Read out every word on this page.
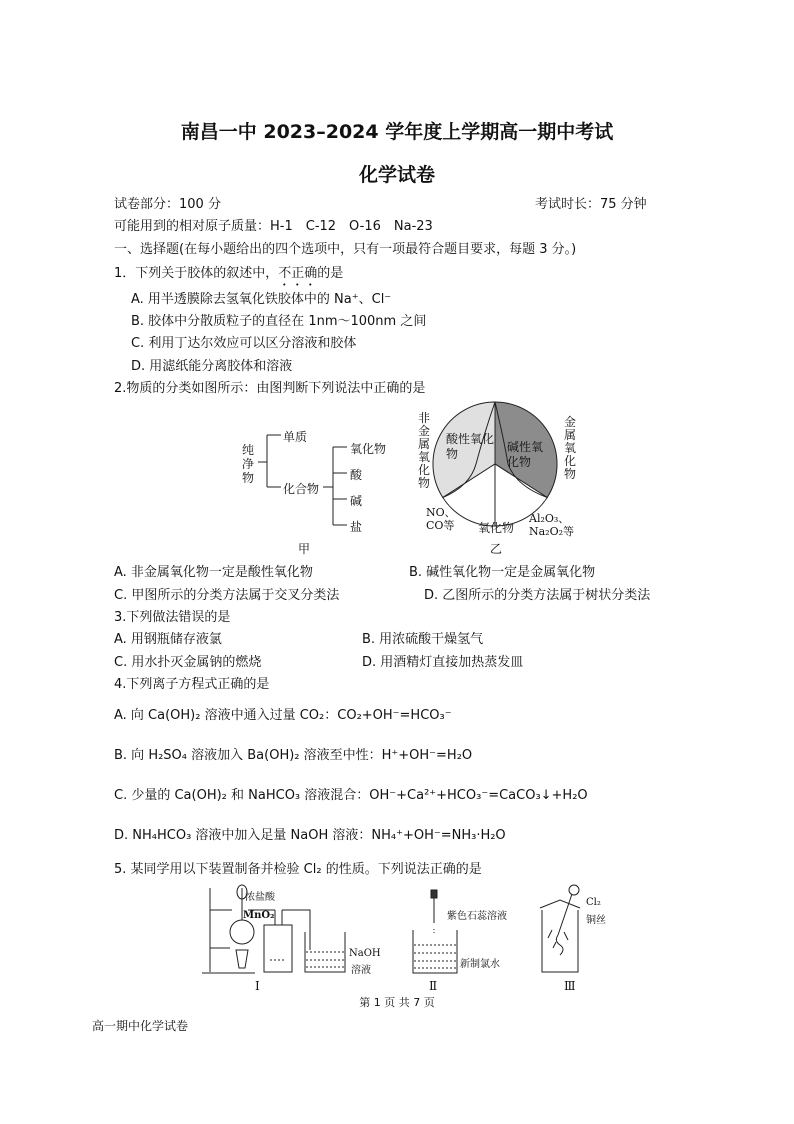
南昌一中 2023–2024 学年度上学期高一期中考试
化学试卷
试卷部分：100 分	考试时长：75 分钟
可能用到的相对原子质量：H-1　C-12　O-16　Na-23
一、选择题(在每小题给出的四个选项中，只有一项最符合题目要求，每题 3 分。)
1．下列关于胶体的叙述中，不正确的是
A. 用半透膜除去氢氧化铁胶体中的 Na⁺、Cl⁻
B. 胶体中分散质粒子的直径在 1nm～100nm 之间
C. 利用丁达尔效应可以区分溶液和胶体
D. 用滤纸能分离胶体和溶液
2.物质的分类如图所示：由图判断下列说法中正确的是
纯净物
单质
化合物
氧化物
酸
碱
盐
甲
非金属氧化物
金属氧化物
酸性氧化物	碱性氧化物
NO、
CO等
Al₂O₃、
Na₂O₂等
氧化物
乙
A. 非金属氧化物一定是酸性氧化物	B. 碱性氧化物一定是金属氧化物
C. 甲图所示的分类方法属于交叉分类法	D. 乙图所示的分类方法属于树状分类法
3.下列做法错误的是
A. 用钢瓶储存液氯	B. 用浓硫酸干燥氢气
C. 用水扑灭金属钠的燃烧	D. 用酒精灯直接加热蒸发皿
4.下列离子方程式正确的是
A. 向 Ca(OH)₂ 溶液中通入过量 CO₂：CO₂+OH⁻=HCO₃⁻
B. 向 H₂SO₄ 溶液加入 Ba(OH)₂ 溶液至中性：H⁺+OH⁻=H₂O
C. 少量的 Ca(OH)₂ 和 NaHCO₃ 溶液混合：OH⁻+Ca²⁺+HCO₃⁻=CaCO₃↓+H₂O
D. NH₄HCO₃ 溶液中加入足量 NaOH 溶液：NH₄⁺+OH⁻=NH₃·H₂O
5. 某同学用以下装置制备并检验 Cl₂ 的性质。下列说法正确的是
浓盐酸
MnO₂
NaOH
溶液
Ⅰ
紫色石蕊溶液
新制氯水
Ⅱ
Cl₂
铜丝
Ⅲ
第 1 页 共 7 页
高一期中化学试卷
